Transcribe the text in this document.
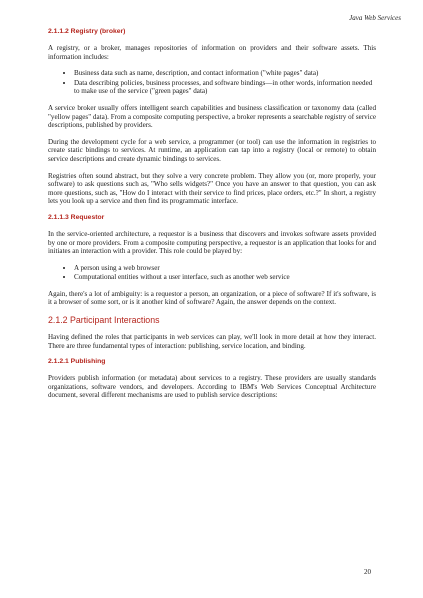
Java Web Services
2.1.1.2 Registry (broker)

A registry, or a broker, manages repositories of information on providers and their software assets. This information includes:

• Business data such as name, description, and contact information ("white pages" data)
• Data describing policies, business processes, and software bindings—in other words, information needed to make use of the service ("green pages" data)

A service broker usually offers intelligent search capabilities and business classification or taxonomy data (called "yellow pages" data). From a composite computing perspective, a broker represents a searchable registry of service descriptions, published by providers.

During the development cycle for a web service, a programmer (or tool) can use the information in registries to create static bindings to services. At runtime, an application can tap into a registry (local or remote) to obtain service descriptions and create dynamic bindings to services.

Registries often sound abstract, but they solve a very concrete problem. They allow you (or, more properly, your software) to ask questions such as, "Who sells widgets?" Once you have an answer to that question, you can ask more questions, such as, "How do I interact with their service to find prices, place orders, etc.?" In short, a registry lets you look up a service and then find its programmatic interface.

2.1.1.3 Requestor

In the service-oriented architecture, a requestor is a business that discovers and invokes software assets provided by one or more providers. From a composite computing perspective, a requestor is an application that looks for and initiates an interaction with a provider. This role could be played by:

• A person using a web browser
• Computational entities without a user interface, such as another web service

Again, there's a lot of ambiguity: is a requestor a person, an organization, or a piece of software? If it's software, is it a browser of some sort, or is it another kind of software? Again, the answer depends on the context.

2.1.2 Participant Interactions

Having defined the roles that participants in web services can play, we'll look in more detail at how they interact. There are three fundamental types of interaction: publishing, service location, and binding.

2.1.2.1 Publishing

Providers publish information (or metadata) about services to a registry. These providers are usually standards organizations, software vendors, and developers. According to IBM's Web Services Conceptual Architecture document, several different mechanisms are used to publish service descriptions:

20
